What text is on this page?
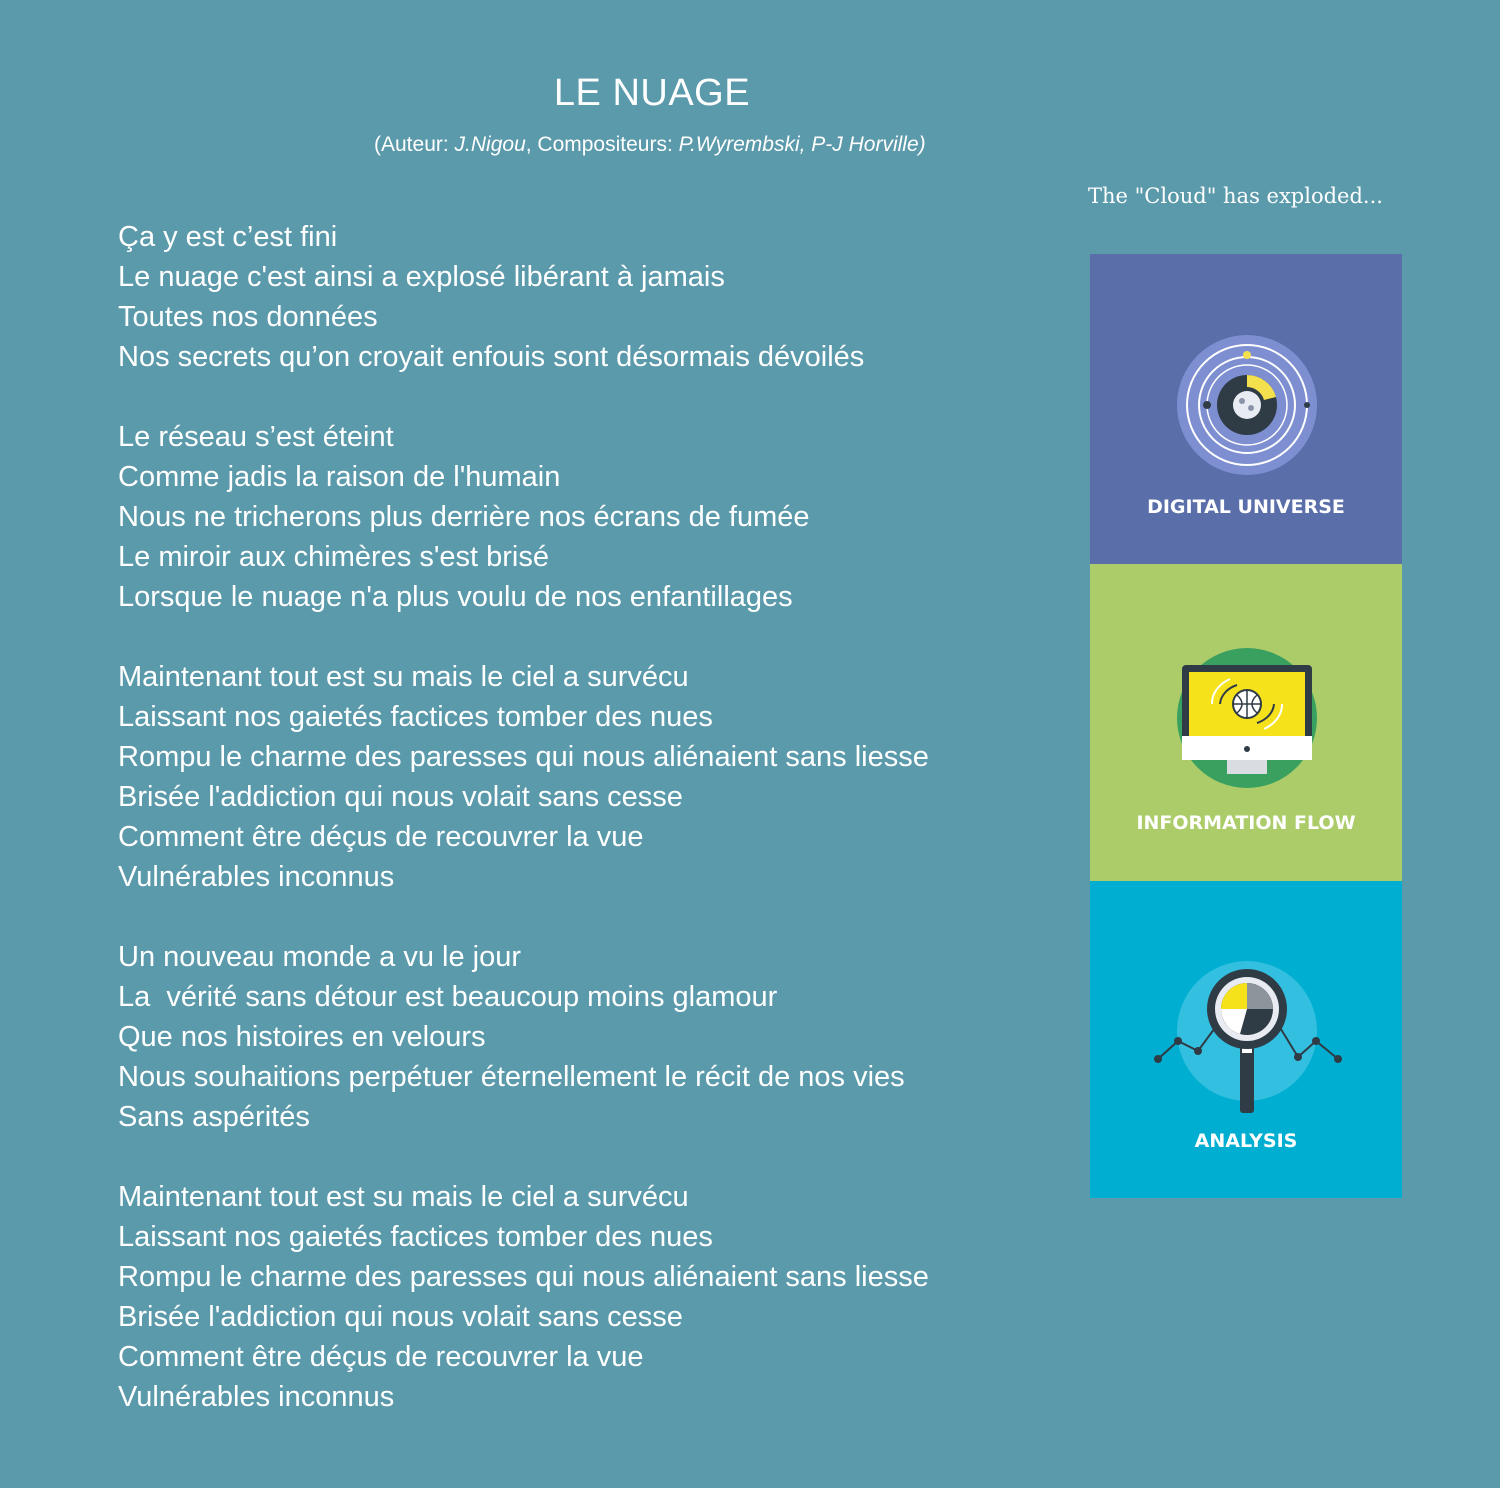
LE NUAGE
(Auteur: J.Nigou, Compositeurs: P.Wyrembski, P-J Horville)
The "Cloud" has exploded...
Ça y est c’est fini
Le nuage c'est ainsi a explosé libérant à jamais
Toutes nos données
Nos secrets qu’on croyait enfouis sont désormais dévoilés
Le réseau s’est éteint
Comme jadis la raison de l'humain
Nous ne tricherons plus derrière nos écrans de fumée
Le miroir aux chimères s'est brisé
Lorsque le nuage n'a plus voulu de nos enfantillages
Maintenant tout est su mais le ciel a survécu
Laissant nos gaietés factices tomber des nues
Rompu le charme des paresses qui nous aliénaient sans liesse
Brisée l'addiction qui nous volait sans cesse
Comment être déçus de recouvrer la vue
Vulnérables inconnus
Un nouveau monde a vu le jour
La  vérité sans détour est beaucoup moins glamour
Que nos histoires en velours
Nous souhaitions perpétuer éternellement le récit de nos vies
Sans aspérités
Maintenant tout est su mais le ciel a survécu
Laissant nos gaietés factices tomber des nues
Rompu le charme des paresses qui nous aliénaient sans liesse
Brisée l'addiction qui nous volait sans cesse
Comment être déçus de recouvrer la vue
Vulnérables inconnus
DIGITAL UNIVERSE
INFORMATION FLOW
ANALYSIS
